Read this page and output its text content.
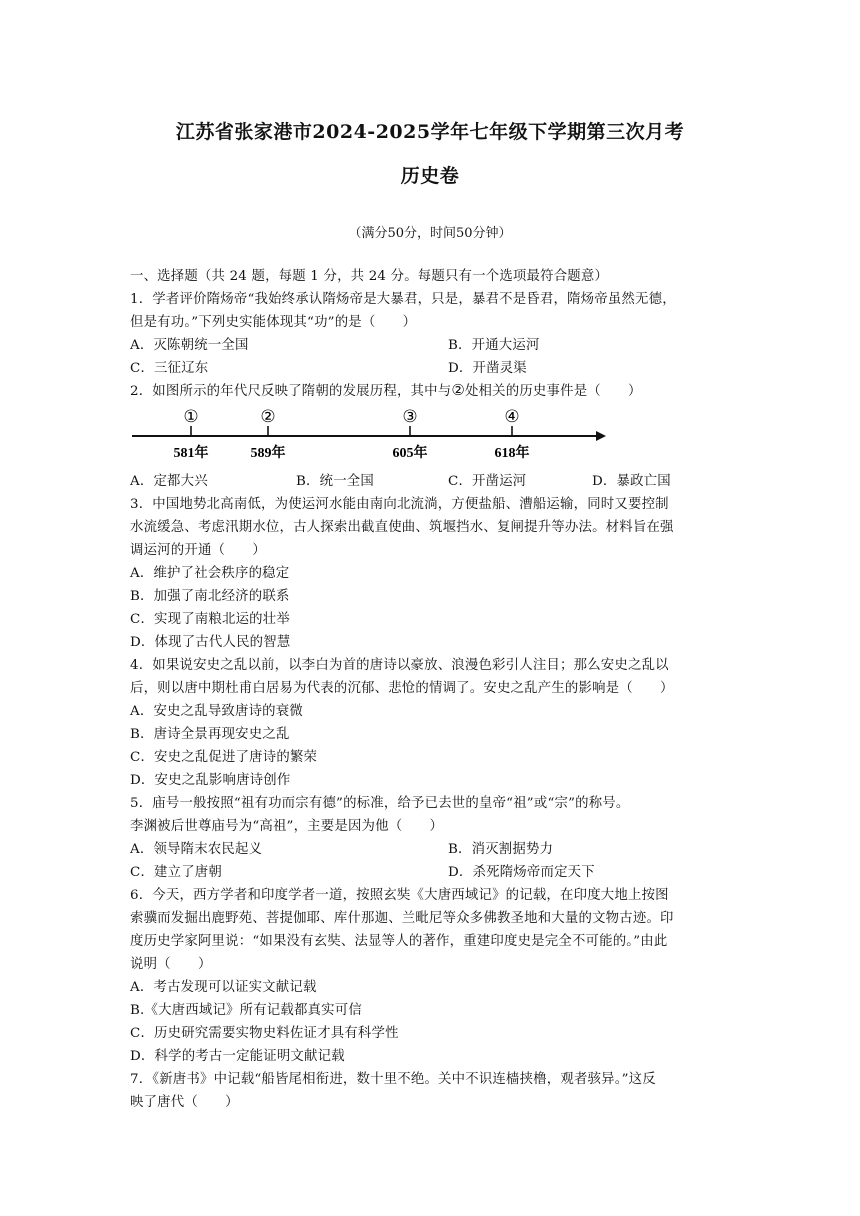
江苏省张家港市2024-2025学年七年级下学期第三次月考
历史卷
（满分50分，时间50分钟）
一、选择题（共 24 题，每题 1 分，共 24 分。每题只有一个选项最符合题意）
1．学者评价隋炀帝“我始终承认隋炀帝是大暴君，只是，暴君不是昏君，隋炀帝虽然无德，
但是有功。”下列史实能体现其“功”的是（　　）
A．灭陈朝统一全国	B．开通大运河
C．三征辽东	D．开凿灵渠
2．如图所示的年代尺反映了隋朝的发展历程，其中与②处相关的历史事件是（　　）
①	②	③	④
581年	589年	605年	618年
A．定都大兴	B．统一全国	C．开凿运河	D．暴政亡国
3．中国地势北高南低，为使运河水能由南向北流淌，方便盐船、漕船运输，同时又要控制
水流缓急、考虑汛期水位，古人探索出截直使曲、筑堰挡水、复闸提升等办法。材料旨在强
调运河的开通（　　）
A．维护了社会秩序的稳定
B．加强了南北经济的联系
C．实现了南粮北运的壮举
D．体现了古代人民的智慧
4．如果说安史之乱以前，以李白为首的唐诗以豪放、浪漫色彩引人注目；那么安史之乱以
后，则以唐中期杜甫白居易为代表的沉郁、悲怆的情调了。安史之乱产生的影响是（　　）
A．安史之乱导致唐诗的衰微
B．唐诗全景再现安史之乱
C．安史之乱促进了唐诗的繁荣
D．安史之乱影响唐诗创作
5．庙号一般按照“祖有功而宗有德”的标准，给予已去世的皇帝“祖”或“宗”的称号。
李渊被后世尊庙号为“高祖”，主要是因为他（　　）
A．领导隋末农民起义	B．消灭割据势力
C．建立了唐朝	D．杀死隋炀帝而定天下
6．今天，西方学者和印度学者一道，按照玄奘《大唐西域记》的记载，在印度大地上按图
索骥而发掘出鹿野苑、菩提伽耶、库什那迦、兰毗尼等众多佛教圣地和大量的文物古迹。印
度历史学家阿里说：“如果没有玄奘、法显等人的著作，重建印度史是完全不可能的。”由此
说明（　　）
A．考古发现可以证实文献记载
B.《大唐西域记》所有记载都真实可信
C．历史研究需要实物史料佐证才具有科学性
D．科学的考古一定能证明文献记载
7．《新唐书》中记载“船皆尾相衔进，数十里不绝。关中不识连樯挟橹，观者骇异。”这反
映了唐代（　　）
